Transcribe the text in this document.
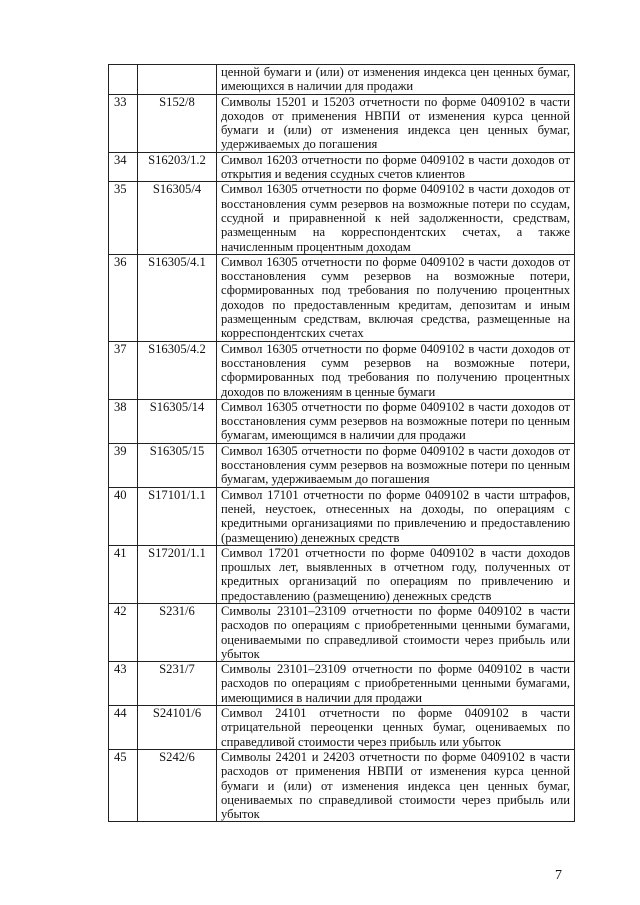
		ценной бумаги и (или) от изменения индекса цен ценных бумаг, имеющихся в наличии для продажи
33	S152/8	Символы 15201 и 15203 отчетности по форме 0409102 в части доходов от применения НВПИ от изменения курса ценной бумаги и (или) от изменения индекса цен ценных бумаг, удерживаемых до погашения
34	S16203/1.2	Символ 16203 отчетности по форме 0409102 в части доходов от открытия и ведения ссудных счетов клиентов
35	S16305/4	Символ 16305 отчетности по форме 0409102 в части доходов от восстановления сумм резервов на возможные потери по ссудам, ссудной и приравненной к ней задолженности, средствам, размещенным на корреспондентских счетах, а также начисленным процентным доходам
36	S16305/4.1	Символ 16305 отчетности по форме 0409102 в части доходов от восстановления сумм резервов на возможные потери, сформированных под требования по получению процентных доходов по предоставленным кредитам, депозитам и иным размещенным средствам, включая средства, размещенные на корреспондентских счетах
37	S16305/4.2	Символ 16305 отчетности по форме 0409102 в части доходов от восстановления сумм резервов на возможные потери, сформированных под требования по получению процентных доходов по вложениям в ценные бумаги
38	S16305/14	Символ 16305 отчетности по форме 0409102 в части доходов от восстановления сумм резервов на возможные потери по ценным бумагам, имеющимся в наличии для продажи
39	S16305/15	Символ 16305 отчетности по форме 0409102 в части доходов от восстановления сумм резервов на возможные потери по ценным бумагам, удерживаемым до погашения
40	S17101/1.1	Символ 17101 отчетности по форме 0409102 в части штрафов, пеней, неустоек, отнесенных на доходы, по операциям с кредитными организациями по привлечению и предоставлению (размещению) денежных средств
41	S17201/1.1	Символ 17201 отчетности по форме 0409102 в части доходов прошлых лет, выявленных в отчетном году, полученных от кредитных организаций по операциям по привлечению и предоставлению (размещению) денежных средств
42	S231/6	Символы 23101–23109 отчетности по форме 0409102 в части расходов по операциям с приобретенными ценными бумагами, оцениваемыми по справедливой стоимости через прибыль или убыток
43	S231/7	Символы 23101–23109 отчетности по форме 0409102 в части расходов по операциям с приобретенными ценными бумагами, имеющимися в наличии для продажи
44	S24101/6	Символ 24101 отчетности по форме 0409102 в части отрицательной переоценки ценных бумаг, оцениваемых по справедливой стоимости через прибыль или убыток
45	S242/6	Символы 24201 и 24203 отчетности по форме 0409102 в части расходов от применения НВПИ от изменения курса ценной бумаги и (или) от изменения индекса цен ценных бумаг, оцениваемых по справедливой стоимости через прибыль или убыток
7
